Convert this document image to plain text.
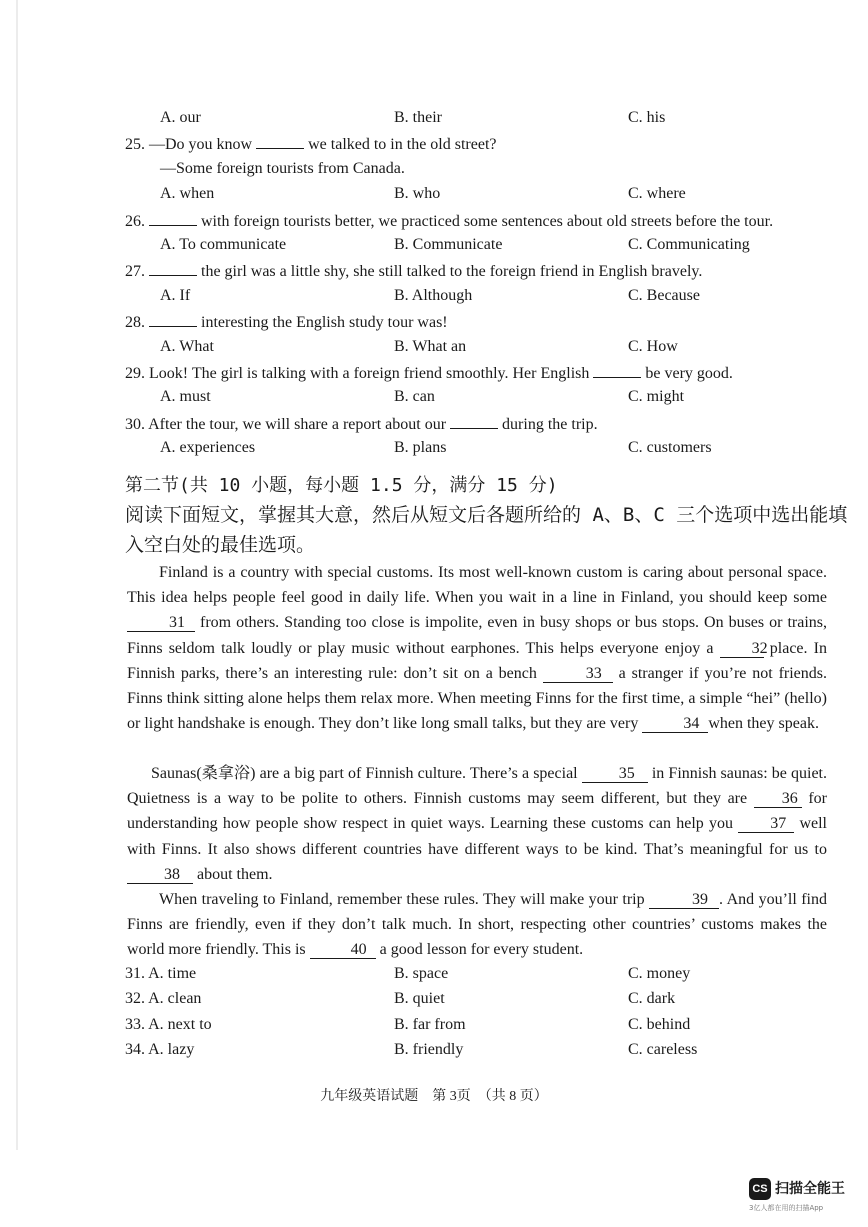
A. our	B. their	C. his
25. —Do you know	we talked to in the old street?
—Some foreign tourists from Canada.
A. when	B. who	C. where
26.	with foreign tourists better, we practiced some sentences about old streets before the tour.
A. To communicate	B. Communicate	C. Communicating
27.	the girl was a little shy, she still talked to the foreign friend in English bravely.
A. If	B. Although	C. Because
28.	interesting the English study tour was!
A. What	B. What an	C. How
29. Look! The girl is talking with a foreign friend smoothly. Her English	be very good.
A. must	B. can	C. might
30. After the tour, we will share a report about our	during the trip.
A. experiences	B. plans	C. customers
第二节(共 10 小题，每小题 1.5 分，满分 15 分)
阅读下面短文，掌握其大意，然后从短文后各题所给的 A、B、C 三个选项中选出能填
入空白处的最佳选项。
Finland is a country with special customs. Its most well-known custom is caring about personal space. This idea helps people feel good in daily life. When you wait in a line in Finland, you should keep some 31 from others. Standing too close is impolite, even in busy shops or bus stops. On buses or trains, Finns seldom talk loudly or play music without earphones. This helps everyone enjoy a 32 place. In Finnish parks, there’s an interesting rule: don’t sit on a bench	33 a stranger if you’re not friends. Finns think sitting alone helps them relax more. When meeting Finns for the first time, a simple “hei” (hello) or light handshake is enough. They don’t like long small talks, but they are very	34 when they speak.
Saunas(桑拿浴) are a big part of Finnish culture. There’s a special 35 in Finnish saunas: be quiet. Quietness is a way to be polite to others. Finnish customs may seem different, but they are 36 for understanding how people show respect in quiet ways. Learning these customs can help you 37 well with Finns. It also shows different countries have different ways to be kind. That’s meaningful for us to 38 about them.
When traveling to Finland, remember these rules. They will make your trip	39 . And you’ll find Finns are friendly, even if they don’t talk much. In short, respecting other countries’ customs makes the world more friendly. This is	40 a good lesson for every student.
31. A. time	B. space	C. money
32. A. clean	B. quiet	C. dark
33. A. next to	B. far from	C. behind
34. A. lazy	B. friendly	C. careless
九年级英语试题　第 3页　（共 8 页）
CS 扫描全能王
3亿人都在用的扫描App
